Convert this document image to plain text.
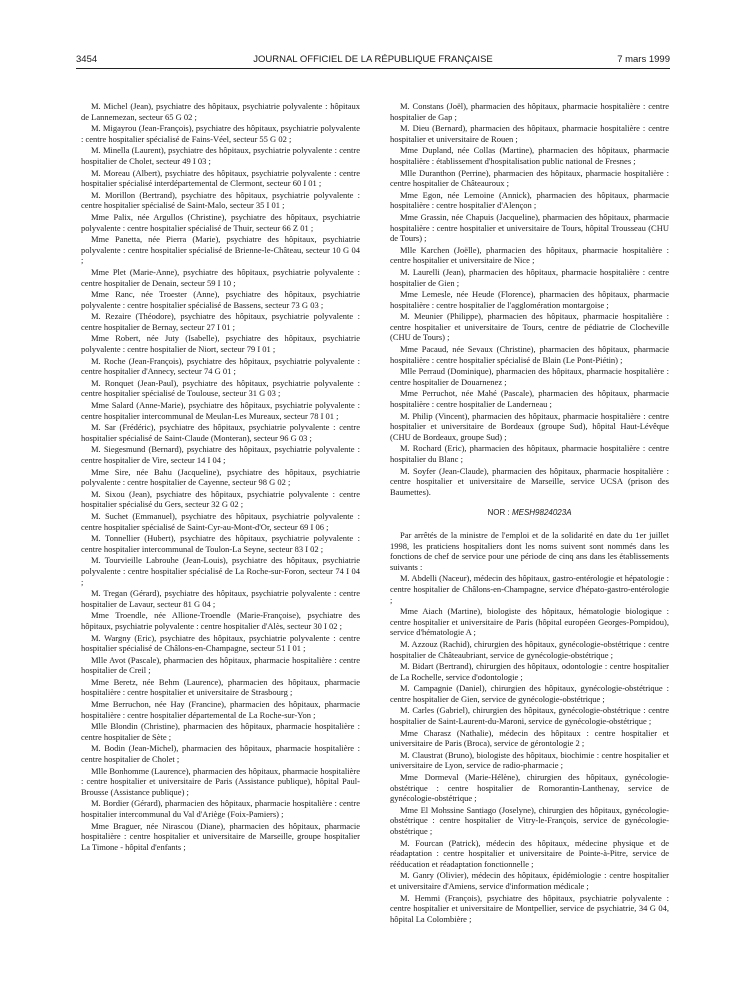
3454	JOURNAL OFFICIEL DE LA RÉPUBLIQUE FRANÇAISE	7 mars 1999

M. Michel (Jean), psychiatre des hôpitaux, psychiatrie polyvalente : hôpitaux de Lannemezan, secteur 65 G 02 ;

M. Migayrou (Jean-François), psychiatre des hôpitaux, psychiatrie polyvalente : centre hospitalier spécialisé de Fains-Véel, secteur 55 G 02 ;

M. Minella (Laurent), psychiatre des hôpitaux, psychiatrie polyvalente : centre hospitalier de Cholet, secteur 49 I 03 ;

M. Moreau (Albert), psychiatre des hôpitaux, psychiatrie polyvalente : centre hospitalier spécialisé interdépartemental de Clermont, secteur 60 I 01 ;

M. Morillon (Bertrand), psychiatre des hôpitaux, psychiatrie polyvalente : centre hospitalier spécialisé de Saint-Malo, secteur 35 I 01 ;

Mme Palix, née Argullos (Christine), psychiatre des hôpitaux, psychiatrie polyvalente : centre hospitalier spécialisé de Thuir, secteur 66 Z 01 ;

Mme Panetta, née Pierra (Marie), psychiatre des hôpitaux, psychiatrie polyvalente : centre hospitalier spécialisé de Brienne-le-Château, secteur 10 G 04 ;

Mme Plet (Marie-Anne), psychiatre des hôpitaux, psychiatrie polyvalente : centre hospitalier de Denain, secteur 59 I 10 ;

Mme Ranc, née Troester (Anne), psychiatre des hôpitaux, psychiatrie polyvalente : centre hospitalier spécialisé de Bassens, secteur 73 G 03 ;

M. Rezaire (Théodore), psychiatre des hôpitaux, psychiatrie polyvalente : centre hospitalier de Bernay, secteur 27 I 01 ;

Mme Robert, née Juty (Isabelle), psychiatre des hôpitaux, psychiatrie polyvalente : centre hospitalier de Niort, secteur 79 I 01 ;

M. Roche (Jean-François), psychiatre des hôpitaux, psychiatrie polyvalente : centre hospitalier d'Annecy, secteur 74 G 01 ;

M. Ronquet (Jean-Paul), psychiatre des hôpitaux, psychiatrie polyvalente : centre hospitalier spécialisé de Toulouse, secteur 31 G 03 ;

Mme Salard (Anne-Marie), psychiatre des hôpitaux, psychiatrie polyvalente : centre hospitalier intercommunal de Meulan-Les Mureaux, secteur 78 I 01 ;

M. Sar (Frédéric), psychiatre des hôpitaux, psychiatrie polyvalente : centre hospitalier spécialisé de Saint-Claude (Monteran), secteur 96 G 03 ;

M. Siegesmund (Bernard), psychiatre des hôpitaux, psychiatrie polyvalente : centre hospitalier de Vire, secteur 14 I 04 ;

Mme Sire, née Bahu (Jacqueline), psychiatre des hôpitaux, psychiatrie polyvalente : centre hospitalier de Cayenne, secteur 98 G 02 ;

M. Sixou (Jean), psychiatre des hôpitaux, psychiatrie polyvalente : centre hospitalier spécialisé du Gers, secteur 32 G 02 ;

M. Suchet (Emmanuel), psychiatre des hôpitaux, psychiatrie polyvalente : centre hospitalier spécialisé de Saint-Cyr-au-Mont-d'Or, secteur 69 I 06 ;

M. Tonnellier (Hubert), psychiatre des hôpitaux, psychiatrie polyvalente : centre hospitalier intercommunal de Toulon-La Seyne, secteur 83 I 02 ;

M. Tourvieille Labrouhe (Jean-Louis), psychiatre des hôpitaux, psychiatrie polyvalente : centre hospitalier spécialisé de La Roche-sur-Foron, secteur 74 I 04 ;

M. Tregan (Gérard), psychiatre des hôpitaux, psychiatrie polyvalente : centre hospitalier de Lavaur, secteur 81 G 04 ;

Mme Troendle, née Allione-Troendle (Marie-Françoise), psychiatre des hôpitaux, psychiatrie polyvalente : centre hospitalier d'Alès, secteur 30 I 02 ;

M. Wargny (Eric), psychiatre des hôpitaux, psychiatrie polyvalente : centre hospitalier spécialisé de Châlons-en-Champagne, secteur 51 I 01 ;

Mlle Avot (Pascale), pharmacien des hôpitaux, pharmacie hospitalière : centre hospitalier de Creil ;

Mme Beretz, née Behm (Laurence), pharmacien des hôpitaux, pharmacie hospitalière : centre hospitalier et universitaire de Strasbourg ;

Mme Berruchon, née Hay (Francine), pharmacien des hôpitaux, pharmacie hospitalière : centre hospitalier départemental de La Roche-sur-Yon ;

Mlle Blondin (Christine), pharmacien des hôpitaux, pharmacie hospitalière : centre hospitalier de Sète ;

M. Bodin (Jean-Michel), pharmacien des hôpitaux, pharmacie hospitalière : centre hospitalier de Cholet ;

Mlle Bonhomme (Laurence), pharmacien des hôpitaux, pharmacie hospitalière : centre hospitalier et universitaire de Paris (Assistance publique), hôpital Paul-Brousse (Assistance publique) ;

M. Bordier (Gérard), pharmacien des hôpitaux, pharmacie hospitalière : centre hospitalier intercommunal du Val d'Ariège (Foix-Pamiers) ;

Mme Braguer, née Nirascou (Diane), pharmacien des hôpitaux, pharmacie hospitalière : centre hospitalier et universitaire de Marseille, groupe hospitalier La Timone - hôpital d'enfants ;

M. Constans (Joël), pharmacien des hôpitaux, pharmacie hospitalière : centre hospitalier de Gap ;

M. Dieu (Bernard), pharmacien des hôpitaux, pharmacie hospitalière : centre hospitalier et universitaire de Rouen ;

Mme Dupland, née Collas (Martine), pharmacien des hôpitaux, pharmacie hospitalière : établissement d'hospitalisation public national de Fresnes ;

Mlle Duranthon (Perrine), pharmacien des hôpitaux, pharmacie hospitalière : centre hospitalier de Châteauroux ;

Mme Egon, née Lemoine (Annick), pharmacien des hôpitaux, pharmacie hospitalière : centre hospitalier d'Alençon ;

Mme Grassin, née Chapuis (Jacqueline), pharmacien des hôpitaux, pharmacie hospitalière : centre hospitalier et universitaire de Tours, hôpital Trousseau (CHU de Tours) ;

Mlle Karchen (Joëlle), pharmacien des hôpitaux, pharmacie hospitalière : centre hospitalier et universitaire de Nice ;

M. Laurelli (Jean), pharmacien des hôpitaux, pharmacie hospitalière : centre hospitalier de Gien ;

Mme Lemesle, née Heude (Florence), pharmacien des hôpitaux, pharmacie hospitalière : centre hospitalier de l'agglomération montargoise ;

M. Meunier (Philippe), pharmacien des hôpitaux, pharmacie hospitalière : centre hospitalier et universitaire de Tours, centre de pédiatrie de Clocheville (CHU de Tours) ;

Mme Pacaud, née Sevaux (Christine), pharmacien des hôpitaux, pharmacie hospitalière : centre hospitalier spécialisé de Blain (Le Pont-Piétin) ;

Mlle Perraud (Dominique), pharmacien des hôpitaux, pharmacie hospitalière : centre hospitalier de Douarnenez ;

Mme Perruchot, née Mahé (Pascale), pharmacien des hôpitaux, pharmacie hospitalière : centre hospitalier de Landerneau ;

M. Philip (Vincent), pharmacien des hôpitaux, pharmacie hospitalière : centre hospitalier et universitaire de Bordeaux (groupe Sud), hôpital Haut-Lévêque (CHU de Bordeaux, groupe Sud) ;

M. Rochard (Eric), pharmacien des hôpitaux, pharmacie hospitalière : centre hospitalier du Blanc ;

M. Soyfer (Jean-Claude), pharmacien des hôpitaux, pharmacie hospitalière : centre hospitalier et universitaire de Marseille, service UCSA (prison des Baumettes).

NOR : MESH9824023A

Par arrêtés de la ministre de l'emploi et de la solidarité en date du 1er juillet 1998, les praticiens hospitaliers dont les noms suivent sont nommés dans les fonctions de chef de service pour une période de cinq ans dans les établissements suivants :

M. Abdelli (Naceur), médecin des hôpitaux, gastro-entérologie et hépatologie : centre hospitalier de Châlons-en-Champagne, service d'hépato-gastro-entérologie ;

Mme Aiach (Martine), biologiste des hôpitaux, hématologie biologique : centre hospitalier et universitaire de Paris (hôpital européen Georges-Pompidou), service d'hématologie A ;

M. Azzouz (Rachid), chirurgien des hôpitaux, gynécologie-obstétrique : centre hospitalier de Châteaubriant, service de gynécologie-obstétrique ;

M. Bidart (Bertrand), chirurgien des hôpitaux, odontologie : centre hospitalier de La Rochelle, service d'odontologie ;

M. Campagnie (Daniel), chirurgien des hôpitaux, gynécologie-obstétrique : centre hospitalier de Gien, service de gynécologie-obstétrique ;

M. Carles (Gabriel), chirurgien des hôpitaux, gynécologie-obstétrique : centre hospitalier de Saint-Laurent-du-Maroni, service de gynécologie-obstétrique ;

Mme Charasz (Nathalie), médecin des hôpitaux : centre hospitalier et universitaire de Paris (Broca), service de gérontologie 2 ;

M. Claustrat (Bruno), biologiste des hôpitaux, biochimie : centre hospitalier et universitaire de Lyon, service de radio-pharmacie ;

Mme Dormeval (Marie-Hélène), chirurgien des hôpitaux, gynécologie-obstétrique : centre hospitalier de Romorantin-Lanthenay, service de gynécologie-obstétrique ;

Mme El Mohssine Santiago (Joselyne), chirurgien des hôpitaux, gynécologie-obstétrique : centre hospitalier de Vitry-le-François, service de gynécologie-obstétrique ;

M. Fourcan (Patrick), médecin des hôpitaux, médecine physique et de réadaptation : centre hospitalier et universitaire de Pointe-à-Pitre, service de rééducation et réadaptation fonctionnelle ;

M. Ganry (Olivier), médecin des hôpitaux, épidémiologie : centre hospitalier et universitaire d'Amiens, service d'information médicale ;

M. Hemmi (François), psychiatre des hôpitaux, psychiatrie polyvalente : centre hospitalier et universitaire de Montpellier, service de psychiatrie, 34 G 04, hôpital La Colombière ;
